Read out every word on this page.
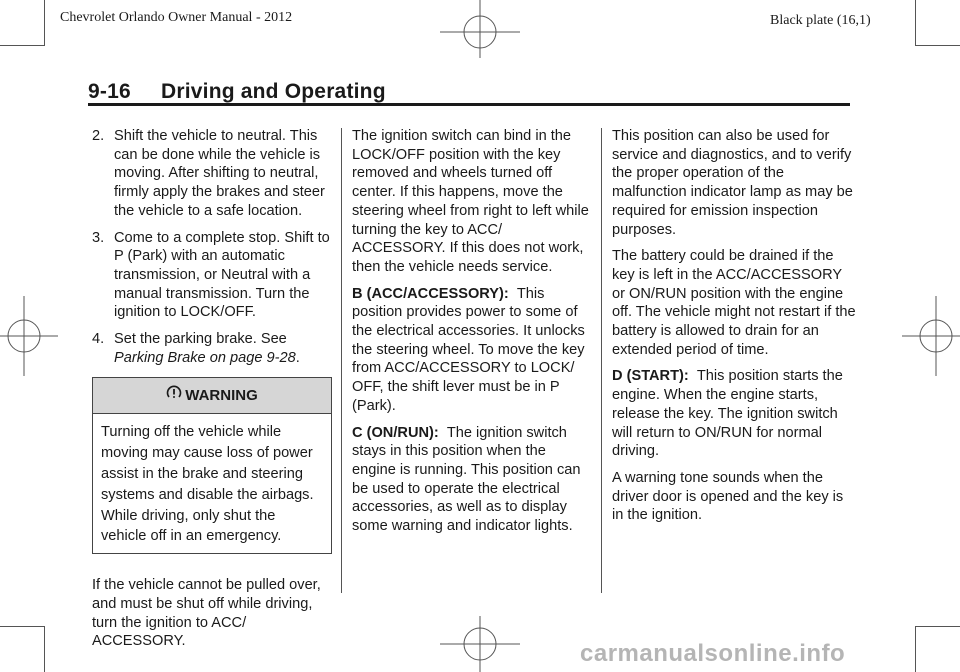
Chevrolet Orlando Owner Manual - 2012	Black plate (16,1)
9-16     Driving and Operating
2. Shift the vehicle to neutral. This can be done while the vehicle is moving. After shifting to neutral, firmly apply the brakes and steer the vehicle to a safe location.
3. Come to a complete stop. Shift to P (Park) with an automatic transmission, or Neutral with a manual transmission. Turn the ignition to LOCK/OFF.
4. Set the parking brake. See
Parking Brake on page 9-28.
WARNING
Turning off the vehicle while moving may cause loss of power assist in the brake and steering systems and disable the airbags. While driving, only shut the vehicle off in an emergency.

If the vehicle cannot be pulled over, and must be shut off while driving, turn the ignition to ACC/ ACCESSORY.

The ignition switch can bind in the LOCK/OFF position with the key removed and wheels turned off center. If this happens, move the steering wheel from right to left while turning the key to ACC/ ACCESSORY. If this does not work, then the vehicle needs service.

B (ACC/ACCESSORY): This position provides power to some of the electrical accessories. It unlocks the steering wheel. To move the key from ACC/ACCESSORY to LOCK/ OFF, the shift lever must be in P (Park).

C (ON/RUN): The ignition switch stays in this position when the engine is running. This position can be used to operate the electrical accessories, as well as to display some warning and indicator lights.

This position can also be used for service and diagnostics, and to verify the proper operation of the malfunction indicator lamp as may be required for emission inspection purposes.

The battery could be drained if the key is left in the ACC/ACCESSORY or ON/RUN position with the engine off. The vehicle might not restart if the battery is allowed to drain for an extended period of time.

D (START): This position starts the engine. When the engine starts, release the key. The ignition switch will return to ON/RUN for normal driving.

A warning tone sounds when the driver door is opened and the key is in the ignition.

carmanualsonline.info
